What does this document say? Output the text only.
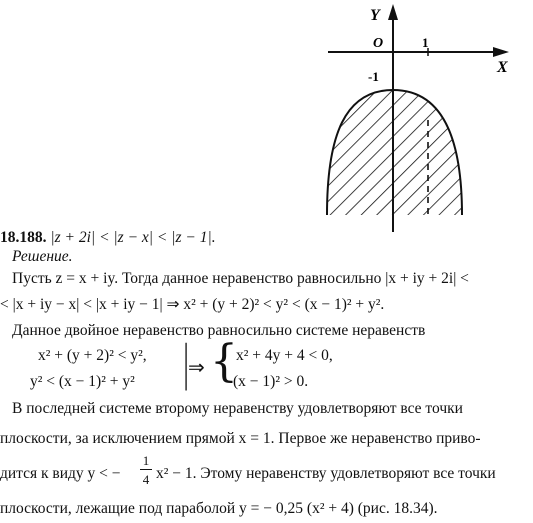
Y
X
O	1
-1
18.188. |z + 2i| < |z − x| < |z − 1|.
Решение.
Пусть z = x + iy. Тогда данное неравенство равносильно |x + iy + 2i| <
< |x + iy − x| < |x + iy − 1| ⇒ x² + (y + 2)² < y² < (x − 1)² + y².
Данное двойное неравенство равносильно системе неравенств
x² + (y + 2)² < y²,
y² < (x − 1)² + y² | ⇒ {
x² + 4y + 4 < 0,
(x − 1)² > 0.
В последней системе второму неравенству удовлетворяют все точки
плоскости, за исключением прямой x = 1. Первое же неравенство приво-
дится к виду y < −
1
4 x² − 1. Этому неравенству удовлетворяют все точки
плоскости, лежащие под параболой y = − 0,25 (x² + 4) (рис. 18.34).
